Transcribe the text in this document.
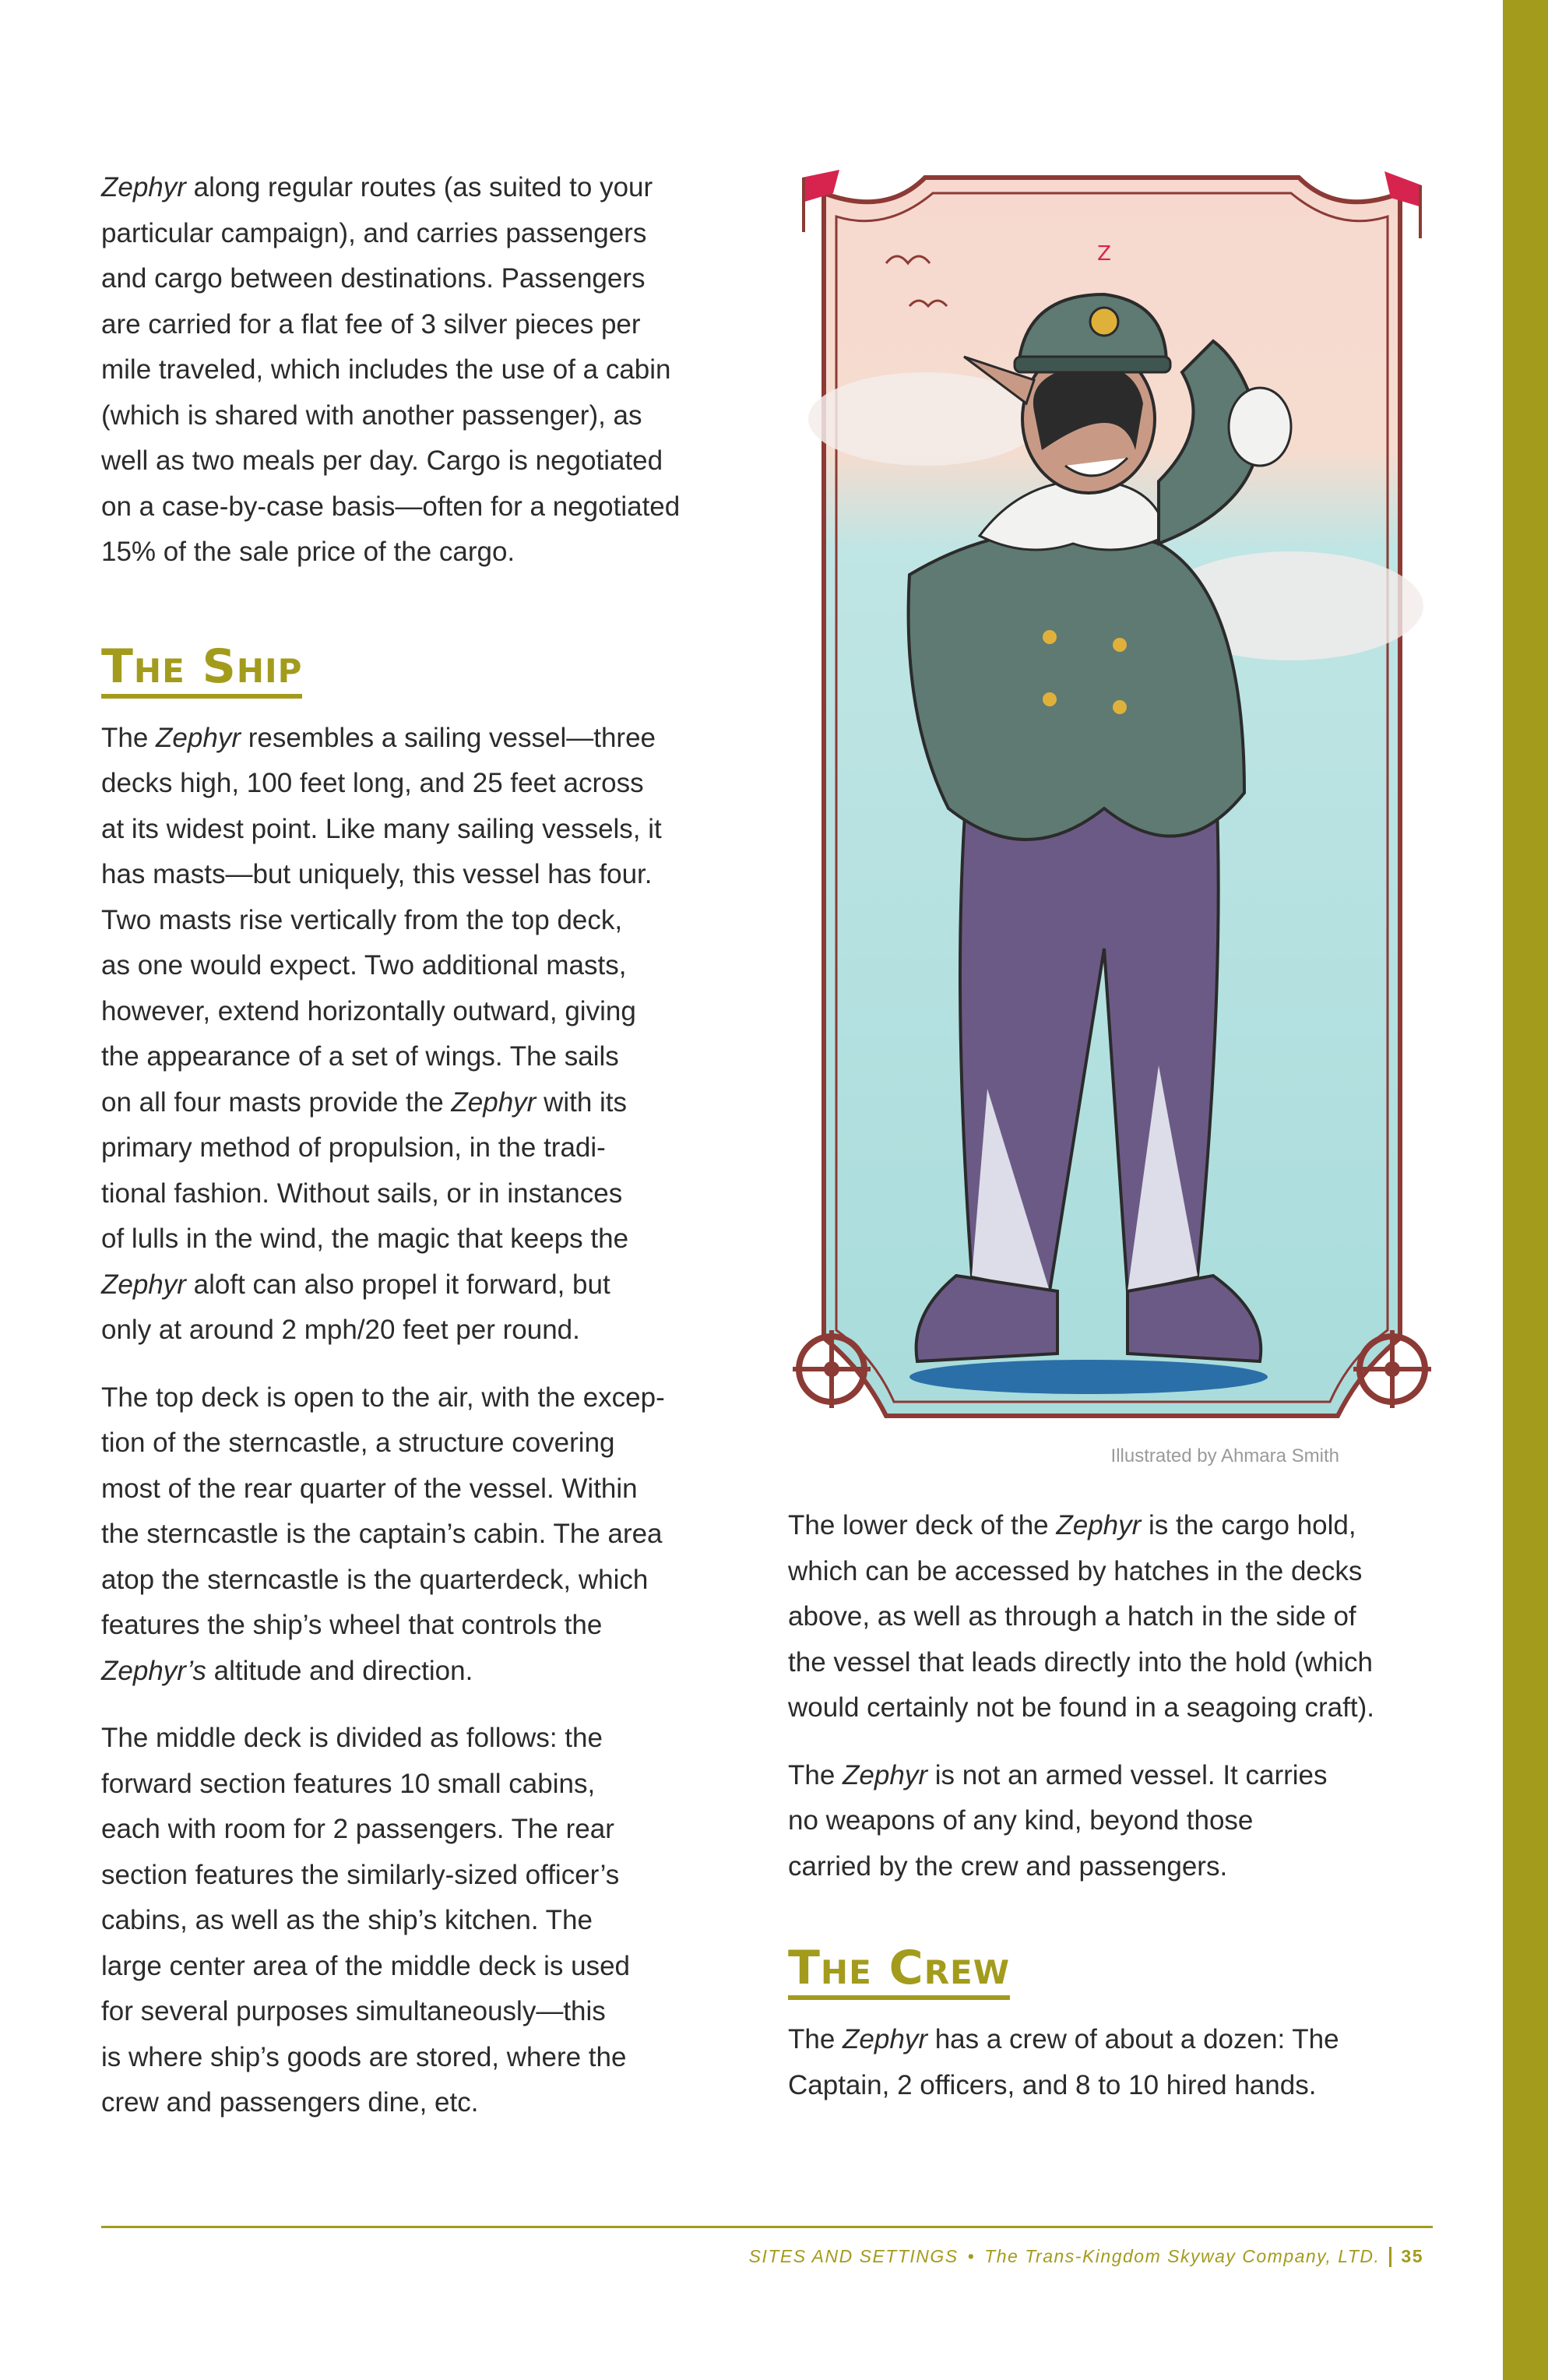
Zephyr along regular routes (as suited to your
particular campaign), and carries passengers
and cargo between destinations. Passengers
are carried for a flat fee of 3 silver pieces per
mile traveled, which includes the use of a cabin
(which is shared with another passenger), as
well as two meals per day. Cargo is negotiated
on a case-by-case basis—often for a negotiated
15% of the sale price of the cargo.

The Ship

The Zephyr resembles a sailing vessel—three
decks high, 100 feet long, and 25 feet across
at its widest point. Like many sailing vessels, it
has masts—but uniquely, this vessel has four.
Two masts rise vertically from the top deck,
as one would expect. Two additional masts,
however, extend horizontally outward, giving
the appearance of a set of wings. The sails
on all four masts provide the Zephyr with its
primary method of propulsion, in the tradi-
tional fashion. Without sails, or in instances
of lulls in the wind, the magic that keeps the
Zephyr aloft can also propel it forward, but
only at around 2 mph/20 feet per round.

The top deck is open to the air, with the excep-
tion of the sterncastle, a structure covering
most of the rear quarter of the vessel. Within
the sterncastle is the captain’s cabin. The area
atop the sterncastle is the quarterdeck, which
features the ship’s wheel that controls the
Zephyr’s altitude and direction.

The middle deck is divided as follows: the
forward section features 10 small cabins,
each with room for 2 passengers. The rear
section features the similarly-sized officer’s
cabins, as well as the ship’s kitchen. The
large center area of the middle deck is used
for several purposes simultaneously—this
is where ship’s goods are stored, where the
crew and passengers dine, etc.

Z
Illustrated by Ahmara Smith

The lower deck of the Zephyr is the cargo hold,
which can be accessed by hatches in the decks
above, as well as through a hatch in the side of
the vessel that leads directly into the hold (which
would certainly not be found in a seagoing craft).

The Zephyr is not an armed vessel. It carries
no weapons of any kind, beyond those
carried by the crew and passengers.

The Crew

The Zephyr has a crew of about a dozen: The
Captain, 2 officers, and 8 to 10 hired hands.

SITES AND SETTINGS • The Trans-Kingdom Skyway Company, LTD. 35
